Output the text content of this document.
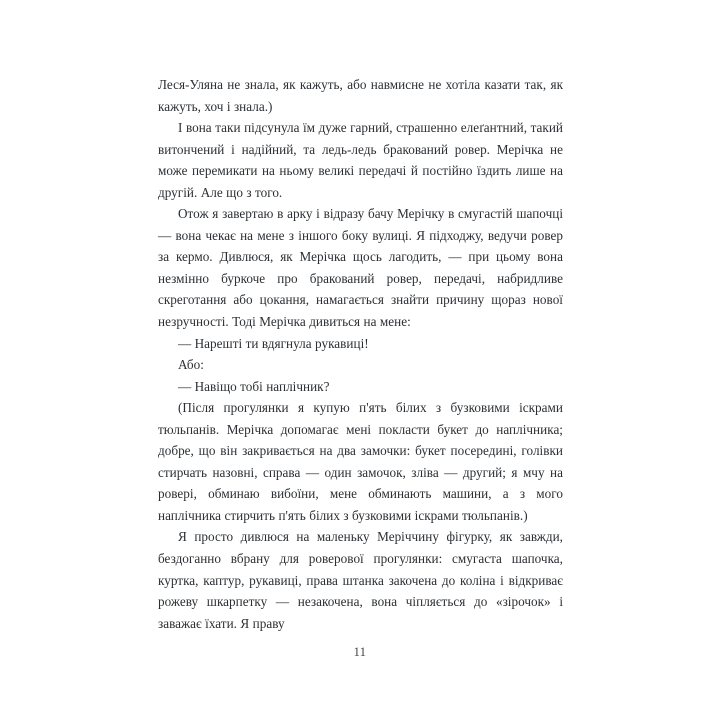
Леся-Уляна не знала, як кажуть, або навмисне не хотіла казати так, як кажуть, хоч і знала.)

І вона таки підсунула їм дуже гарний, страшенно елеґантний, такий витончений і надійний, та ледь-ледь бракований ровер. Мерічка не може перемикати на ньому великі передачі й постійно їздить лише на другій. Але що з того.

Отож я завертаю в арку і відразу бачу Мерічку в смугастій шапочці — вона чекає на мене з іншого боку вулиці. Я підходжу, ведучи ровер за кермо. Дивлюся, як Мерічка щось лагодить, — при цьому вона незмінно буркоче про бракований ровер, передачі, набридливе скреготання або цокання, намагається знайти причину щораз нової незручності. Тоді Мерічка дивиться на мене:

— Нарешті ти вдягнула рукавиці!

Або:

— Навіщо тобі наплічник?

(Після прогулянки я купую п'ять білих з бузковими іскрами тюльпанів. Мерічка допомагає мені покласти букет до наплічника; добре, що він закривається на два замочки: букет посередині, голівки стирчать назовні, справа — один замочок, зліва — другий; я мчу на ровері, обминаю вибоїни, мене обминають машини, а з мого наплічника стирчить п'ять білих з бузковими іскрами тюльпанів.)

Я просто дивлюся на маленьку Меріччину фігурку, як завжди, бездоганно вбрану для роверової прогулянки: смугаста шапочка, куртка, каптур, рукавиці, права штанка закочена до коліна і відкриває рожеву шкарпетку — незакочена, вона чіпляється до «зірочок» і заважає їхати. Я праву

11
